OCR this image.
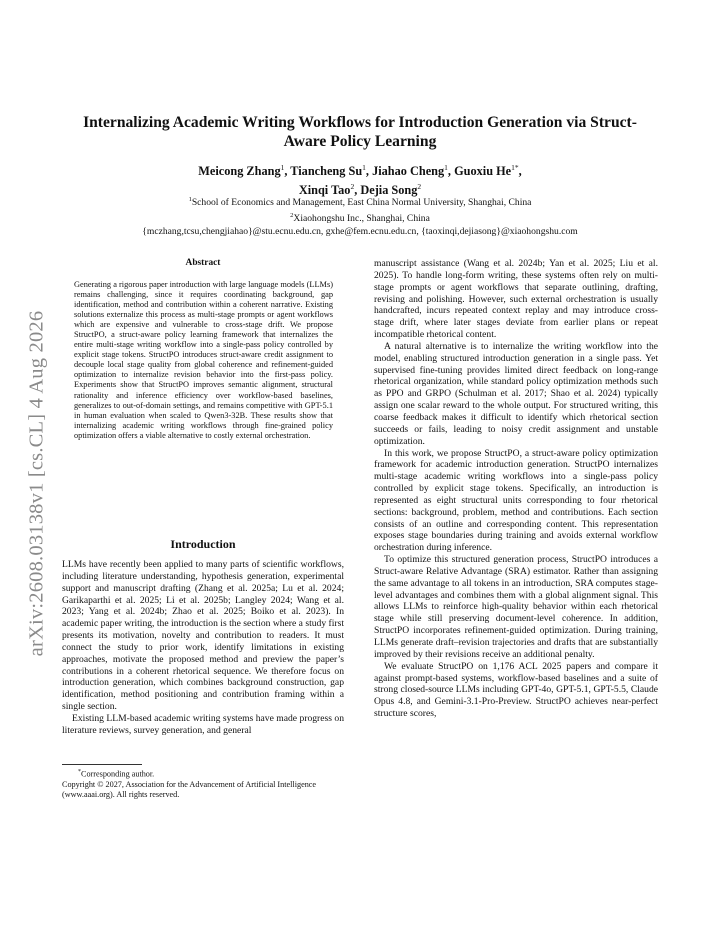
arXiv:2608.03138v1 [cs.CL] 4 Aug 2026
Internalizing Academic Writing Workflows for Introduction Generation via Struct-Aware Policy Learning
Meicong Zhang$^1$, Tiancheng Su$^1$, Jiahao Cheng$^1$, Guoxiu $He^{1*}$,
Xinqi Tao$^2$, Dejia Song$^2$
$^1$School of Economics and Management, East China Normal University, Shanghai, China
$^2$Xiaohongshu Inc., Shanghai, China
{mczhang,tcsu,chengjiahao}@stu.ecnu.edu.cn, gxhe@fem.ecnu.edu.cn, {taoxinqi,dejiasong}@xiaohongshu.com
Abstract
Generating a rigorous paper introduction with large language models (LLMs) remains challenging, since it requires coordinating background, gap identification, method and contribution within a coherent narrative. Existing solutions externalize this process as multi-stage prompts or agent workflows which are expensive and vulnerable to cross-stage drift. We propose StructPO, a struct-aware policy learning framework that internalizes the entire multi-stage writing workflow into a single-pass policy controlled by explicit stage tokens. StructPO introduces struct-aware credit assignment to decouple local stage quality from global coherence and refinement-guided optimization to internalize revision behavior into the first-pass policy. Experiments show that StructPO improves semantic alignment, structural rationality and inference efficiency over workflow-based baselines, generalizes to out-of-domain settings, and remains competitive with GPT-5.1 in human evaluation when scaled to Qwen3-32B. These results show that internalizing academic writing workflows through fine-grained policy optimization offers a viable alternative to costly external orchestration.
Introduction

LLMs have recently been applied to many parts of scientific workflows, including literature understanding, hypothesis generation, experimental support and manuscript drafting (Zhang et al. 2025a; Lu et al. 2024; Garikaparthi et al. 2025; Li et al. 2025b; Langley 2024; Wang et al. 2023; Yang et al. 2024b; Zhao et al. 2025; Boiko et al. 2023). In academic paper writing, the introduction is the section where a study first presents its motivation, novelty and contribution to readers. It must connect the study to prior work, identify limitations in existing approaches, motivate the proposed method and preview the paper’s contributions in a coherent rhetorical sequence. We therefore focus on introduction generation, which combines background construction, gap identification, method positioning and contribution framing within a single section.

Existing LLM-based academic writing systems have made progress on literature reviews, survey generation, and general

*Corresponding author.
Copyright © 2027, Association for the Advancement of Artificial Intelligence (www.aaai.org). All rights reserved.

manuscript assistance (Wang et al. 2024b; Yan et al. 2025; Liu et al. 2025). To handle long-form writing, these systems often rely on multi-stage prompts or agent workflows that separate outlining, drafting, revising and polishing. However, such external orchestration is usually handcrafted, incurs repeated context replay and may introduce cross-stage drift, where later stages deviate from earlier plans or repeat incompatible rhetorical content.

A natural alternative is to internalize the writing workflow into the model, enabling structured introduction generation in a single pass. Yet supervised fine-tuning provides limited direct feedback on long-range rhetorical organization, while standard policy optimization methods such as PPO and GRPO (Schulman et al. 2017; Shao et al. 2024) typically assign one scalar reward to the whole output. For structured writing, this coarse feedback makes it difficult to identify which rhetorical section succeeds or fails, leading to noisy credit assignment and unstable optimization.

In this work, we propose StructPO, a struct-aware policy optimization framework for academic introduction generation. StructPO internalizes multi-stage academic writing workflows into a single-pass policy controlled by explicit stage tokens. Specifically, an introduction is represented as eight structural units corresponding to four rhetorical sections: background, problem, method and contributions. Each section consists of an outline and corresponding content. This representation exposes stage boundaries during training and avoids external workflow orchestration during inference.

To optimize this structured generation process, StructPO introduces a Struct-aware Relative Advantage (SRA) estimator. Rather than assigning the same advantage to all tokens in an introduction, SRA computes stage-level advantages and combines them with a global alignment signal. This allows LLMs to reinforce high-quality behavior within each rhetorical stage while still preserving document-level coherence. In addition, StructPO incorporates refinement-guided optimization. During training, LLMs generate draft–revision trajectories and drafts that are substantially improved by their revisions receive an additional penalty.

We evaluate StructPO on 1,176 ACL 2025 papers and compare it against prompt-based systems, workflow-based baselines and a suite of strong closed-source LLMs including GPT-4o, GPT-5.1, GPT-5.5, Claude Opus 4.8, and Gemini-3.1-Pro-Preview. StructPO achieves near-perfect structure scores,
